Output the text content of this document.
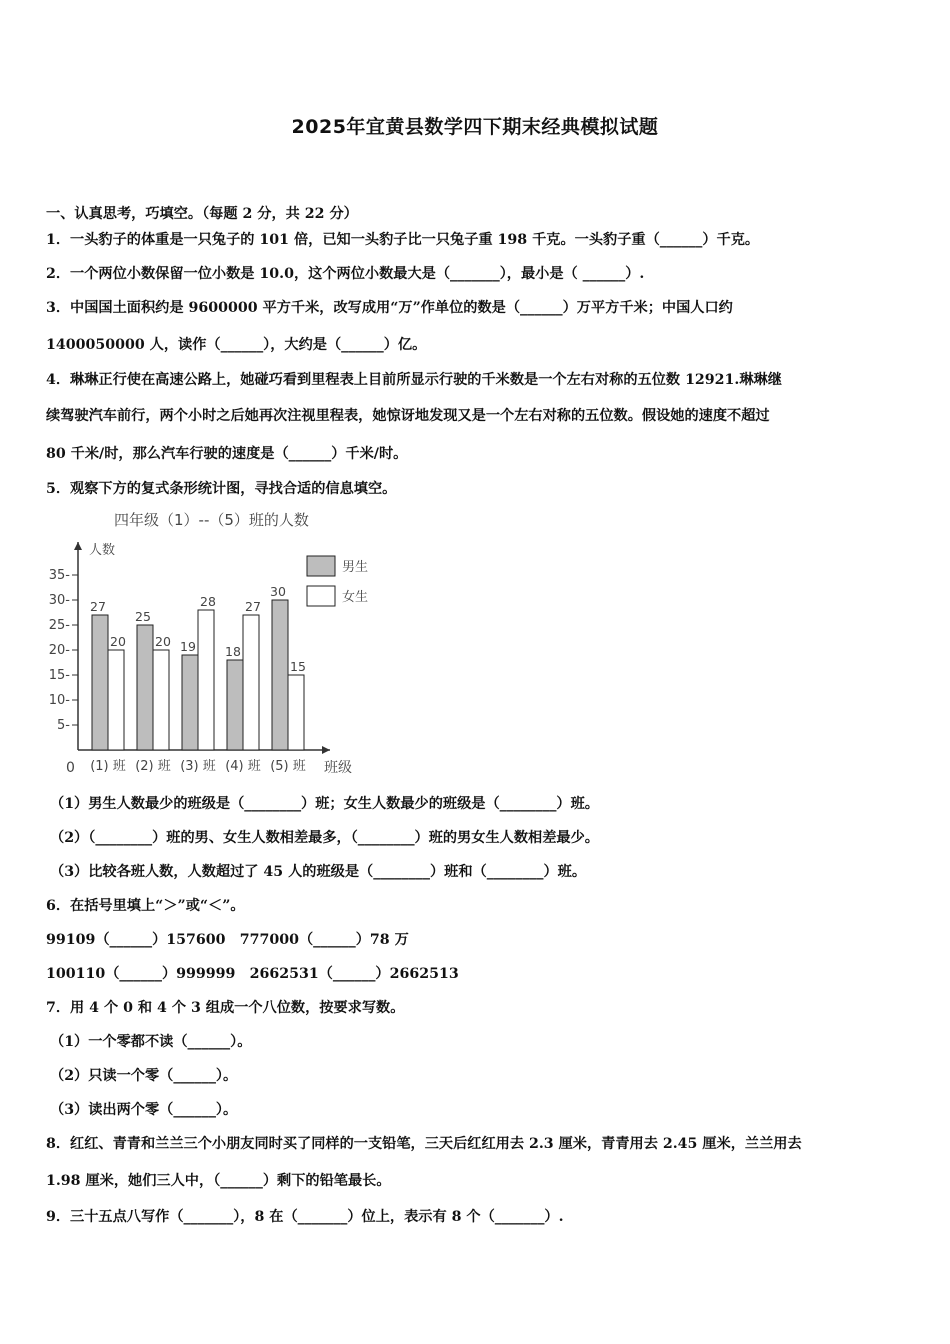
2025年宜黄县数学四下期末经典模拟试题
一、认真思考，巧填空。（每题 2 分，共 22 分）
1．一头豹子的体重是一只兔子的 101 倍，已知一头豹子比一只兔子重 198 千克。一头豹子重（______）千克。
2．一个两位小数保留一位小数是 10.0，这个两位小数最大是（_______），最小是（ ______）.
3．中国国土面积约是 9600000 平方千米，改写成用“万”作单位的数是（______）万平方千米；中国人口约
1400050000 人，读作（______），大约是（______）亿。
4．琳琳正行使在高速公路上，她碰巧看到里程表上目前所显示行驶的千米数是一个左右对称的五位数 12921.琳琳继
续驾驶汽车前行，两个小时之后她再次注视里程表，她惊讶地发现又是一个左右对称的五位数。假设她的速度不超过
80 千米/时，那么汽车行驶的速度是（______）千米/时。
5．观察下方的复式条形统计图，寻找合适的信息填空。
四年级（1）--（5）班的人数
人数
0
5-
10-
15-
20-
25-
30-
35-
班级
27
20
(1) 班
25
20
(2) 班
19
28
(3) 班
18
27
(4) 班
30
15
(5) 班
男生
女生
（1）男生人数最少的班级是（________）班；女生人数最少的班级是（________）班。
（2）（________）班的男、女生人数相差最多，（________）班的男女生人数相差最少。
（3）比较各班人数，人数超过了 45 人的班级是（________）班和（________）班。
6．在括号里填上“＞”或“＜”。
99109（______）157600　777000（______）78 万
100110（______）999999　2662531（______）2662513
7．用 4 个 0 和 4 个 3 组成一个八位数，按要求写数。
（1）一个零都不读（______）。
（2）只读一个零（______）。
（3）读出两个零（______）。
8．红红、青青和兰兰三个小朋友同时买了同样的一支铅笔，三天后红红用去 2.3 厘米，青青用去 2.45 厘米，兰兰用去
1.98 厘米，她们三人中，（______）剩下的铅笔最长。
9．三十五点八写作（_______），8 在（_______）位上，表示有 8 个（_______）.
